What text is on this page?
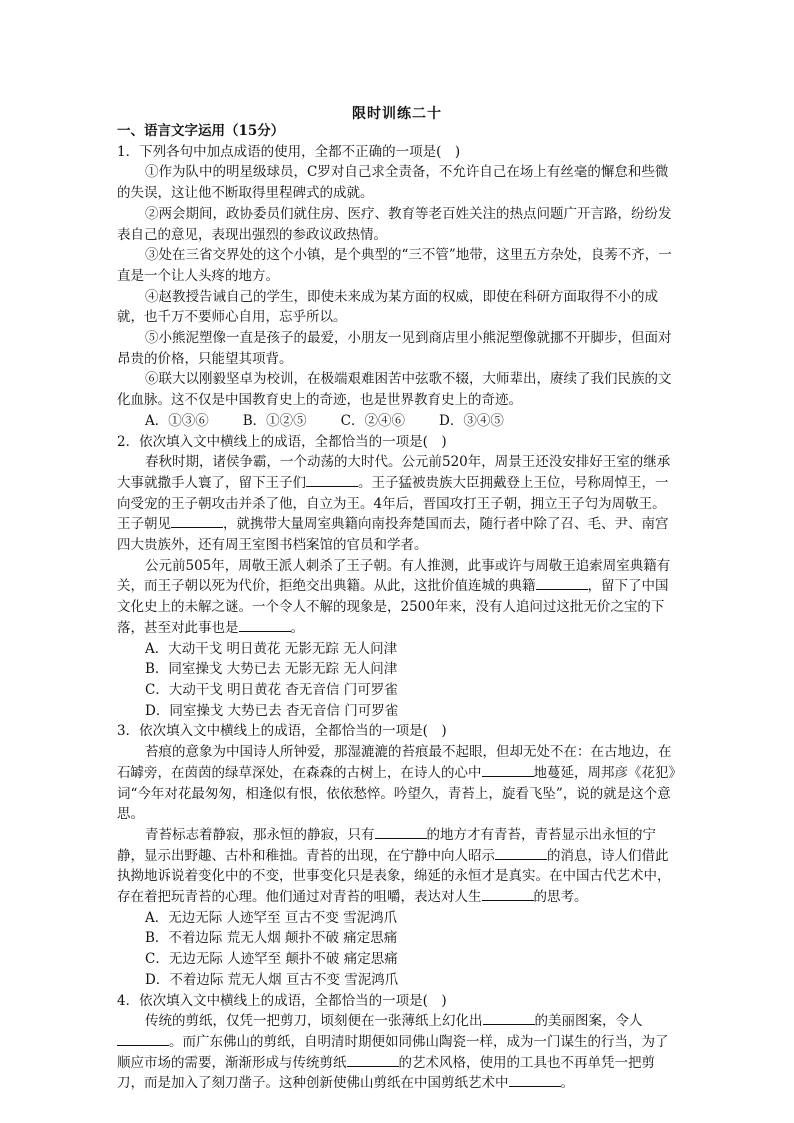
限时训练二十

一、语言文字运用（15分）

1．下列各句中加点成语的使用，全都不正确的一项是(　)

①作为队中的明星级球员，C罗对自己求全责备，不允许自己在场上有丝毫的懈怠和些微的失误，这让他不断取得里程碑式的成就。

②两会期间，政协委员们就住房、医疗、教育等老百姓关注的热点问题广开言路，纷纷发表自己的意见，表现出强烈的参政议政热情。

③处在三省交界处的这个小镇，是个典型的“三不管”地带，这里五方杂处，良莠不齐，一直是一个让人头疼的地方。

④赵教授告诫自己的学生，即使未来成为某方面的权威，即使在科研方面取得不小的成就，也千万不要师心自用，忘乎所以。

⑤小熊泥塑像一直是孩子的最爱，小朋友一见到商店里小熊泥塑像就挪不开脚步，但面对昂贵的价格，只能望其项背。

⑥联大以刚毅坚卓为校训，在极端艰难困苦中弦歌不辍，大师辈出，赓续了我们民族的文化血脉。这不仅是中国教育史上的奇迹，也是世界教育史上的奇迹。

A．①③⑥	B．①②⑤	C．②④⑥	D．③④⑤

2．依次填入文中横线上的成语，全都恰当的一项是(　)

春秋时期，诸侯争霸，一个动荡的大时代。公元前520年，周景王还没安排好王室的继承大事就撒手人寰了，留下王子们	。王子猛被贵族大臣拥戴登上王位，号称周悼王，一向受宠的王子朝攻击并杀了他，自立为王。4年后，晋国攻打王子朝，拥立王子匄为周敬王。王子朝见	，就携带大量周室典籍向南投奔楚国而去，随行者中除了召、毛、尹、南宫四大贵族外，还有周王室图书档案馆的官员和学者。

公元前505年，周敬王派人刺杀了王子朝。有人推测，此事或许与周敬王追索周室典籍有关，而王子朝以死为代价，拒绝交出典籍。从此，这批价值连城的典籍	，留下了中国文化史上的未解之谜。一个令人不解的现象是，2500年来，没有人追问过这批无价之宝的下落，甚至对此事也是	。

A．大动干戈 明日黄花 无影无踪 无人问津

B．同室操戈 大势已去 无影无踪 无人问津

C．大动干戈 明日黄花 杳无音信 门可罗雀

D．同室操戈 大势已去 杳无音信 门可罗雀

3．依次填入文中横线上的成语，全都恰当的一项是(　)

苔痕的意象为中国诗人所钟爱，那湿漉漉的苔痕最不起眼，但却无处不在：在古地边，在石罅旁，在茵茵的绿草深处，在森森的古树上，在诗人的心中	地蔓延，周邦彦《花犯》词“今年对花最匆匆，相逢似有恨，依依愁悴。吟望久，青苔上，旋看飞坠”，说的就是这个意思。

青苔标志着静寂，那永恒的静寂，只有	的地方才有青苔，青苔显示出永恒的宁静，显示出野趣、古朴和稚拙。青苔的出现，在宁静中向人昭示	的消息，诗人们借此执拗地诉说着变化中的不变，世事变化只是表象，绵延的永恒才是真实。在中国古代艺术中，存在着把玩青苔的心理。他们通过对青苔的咀嚼，表达对人生	的思考。

A．无边无际 人迹罕至 亘古不变 雪泥鸿爪

B．不着边际 荒无人烟 颠扑不破 痛定思痛

C．无边无际 人迹罕至 颠扑不破 痛定思痛

D．不着边际 荒无人烟 亘古不变 雪泥鸿爪

4．依次填入文中横线上的成语，全都恰当的一项是(　)

传统的剪纸，仅凭一把剪刀，顷刻便在一张薄纸上幻化出	的美丽图案，令人。而广东佛山的剪纸，自明清时期便如同佛山陶瓷一样，成为一门谋生的行当，为了顺应市场的需要，渐渐形成与传统剪纸	的艺术风格，使用的工具也不再单凭一把剪刀，而是加入了刻刀凿子。这种创新使佛山剪纸在中国剪纸艺术中	。
